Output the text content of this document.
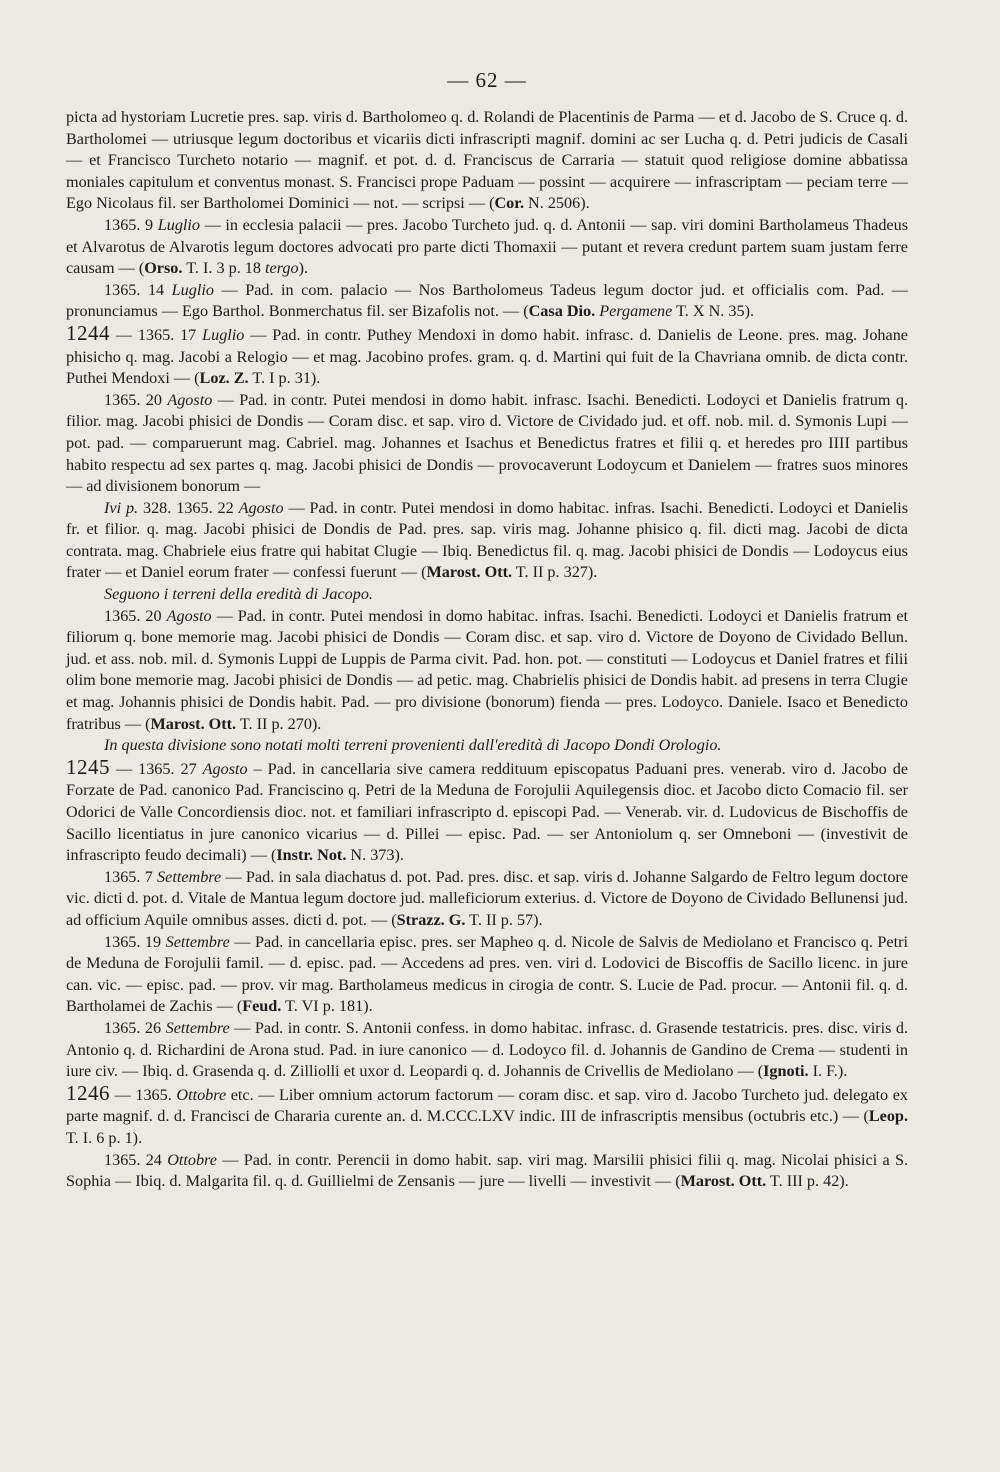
— 62 —

picta ad hystoriam Lucretie pres. sap. viris d. Bartholomeo q. d. Rolandi de Placentinis de Parma — et d. Jacobo de S. Cruce q. d. Bartholomei — utriusque legum doctoribus et vicariis dicti infrascripti magnif. domini ac ser Lucha q. d. Petri judicis de Casali — et Francisco Turcheto notario — magnif. et pot. d. d. Franciscus de Carraria — statuit quod religiose domine abbatissa moniales capitulum et conventus monast. S. Francisci prope Paduam — possint — acquirere — infrascriptam — peciam terre — Ego Nicolaus fil. ser Bartholomei Dominici — not. — scripsi — (Cor. N. 2506).

1365. 9 Luglio — in ecclesia palacii — pres. Jacobo Turcheto jud. q. d. Antonii — sap. viri domini Bartholameus Thadeus et Alvarotus de Alvarotis legum doctores advocati pro parte dicti Thomaxii — putant et revera credunt partem suam justam ferre causam — (Orso. T. I. 3 p. 18 tergo).

1365. 14 Luglio — Pad. in com. palacio — Nos Bartholomeus Tadeus legum doctor jud. et officialis com. Pad. — pronunciamus — Ego Barthol. Bonmerchatus fil. ser Bizafolis not. — (Casa Dio. Pergamene T. X N. 35).

1244 — 1365. 17 Luglio — Pad. in contr. Puthey Mendoxi in domo habit. infrasc. d. Danielis de Leone. pres. mag. Johane phisicho q. mag. Jacobi a Relogio — et mag. Jacobino profes. gram. q. d. Martini qui fuit de la Chavriana omnib. de dicta contr. Puthei Mendoxi — (Loz. Z. T. I p. 31).

1365. 20 Agosto — Pad. in contr. Putei mendosi in domo habit. infrasc. Isachi. Benedicti. Lodoyci et Danielis fratrum q. filior. mag. Jacobi phisici de Dondis — Coram disc. et sap. viro d. Victore de Cividado jud. et off. nob. mil. d. Symonis Lupi — pot. pad. — comparuerunt mag. Cabriel. mag. Johannes et Isachus et Benedictus fratres et filii q. et heredes pro IIII partibus habito respectu ad sex partes q. mag. Jacobi phisici de Dondis — provocaverunt Lodoycum et Danielem — fratres suos minores — ad divisionem bonorum —

Ivi p. 328. 1365. 22 Agosto — Pad. in contr. Putei mendosi in domo habitac. infras. Isachi. Benedicti. Lodoyci et Danielis fr. et filior. q. mag. Jacobi phisici de Dondis de Pad. pres. sap. viris mag. Johanne phisico q. fil. dicti mag. Jacobi de dicta contrata. mag. Chabriele eius fratre qui habitat Clugie — Ibiq. Benedictus fil. q. mag. Jacobi phisici de Dondis — Lodoycus eius frater — et Daniel eorum frater — confessi fuerunt — (Marost. Ott. T. II p. 327).

Seguono i terreni della eredità di Jacopo.

1365. 20 Agosto — Pad. in contr. Putei mendosi in domo habitac. infras. Isachi. Benedicti. Lodoyci et Danielis fratrum et filiorum q. bone memorie mag. Jacobi phisici de Dondis — Coram disc. et sap. viro d. Victore de Doyono de Cividado Bellun. jud. et ass. nob. mil. d. Symonis Luppi de Luppis de Parma civit. Pad. hon. pot. — constituti — Lodoycus et Daniel fratres et filii olim bone memorie mag. Jacobi phisici de Dondis — ad petic. mag. Chabrielis phisici de Dondis habit. ad presens in terra Clugie et mag. Johannis phisici de Dondis habit. Pad. — pro divisione (bonorum) fienda — pres. Lodoyco. Daniele. Isaco et Benedicto fratribus — (Marost. Ott. T. II p. 270).

In questa divisione sono notati molti terreni provenienti dall'eredità di Jacopo Dondi Orologio.

1245 — 1365. 27 Agosto – Pad. in cancellaria sive camera reddituum episcopatus Paduani pres. venerab. viro d. Jacobo de Forzate de Pad. canonico Pad. Franciscino q. Petri de la Meduna de Forojulii Aquilegensis dioc. et Jacobo dicto Comacio fil. ser Odorici de Valle Concordiensis dioc. not. et familiari infrascripto d. episcopi Pad. — Venerab. vir. d. Ludovicus de Bischoffis de Sacillo licentiatus in jure canonico vicarius — d. Pillei — episc. Pad. — ser Antoniolum q. ser Omneboni — (investivit de infrascripto feudo decimali) — (Instr. Not. N. 373).

1365. 7 Settembre — Pad. in sala diachatus d. pot. Pad. pres. disc. et sap. viris d. Johanne Salgardo de Feltro legum doctore vic. dicti d. pot. d. Vitale de Mantua legum doctore jud. malleficiorum exterius. d. Victore de Doyono de Cividado Bellunensi jud. ad officium Aquile omnibus asses. dicti d. pot. — (Strazz. G. T. II p. 57).

1365. 19 Settembre — Pad. in cancellaria episc. pres. ser Mapheo q. d. Nicole de Salvis de Mediolano et Francisco q. Petri de Meduna de Forojulii famil. — d. episc. pad. — Accedens ad pres. ven. viri d. Lodovici de Biscoffis de Sacillo licenc. in jure can. vic. — episc. pad. — prov. vir mag. Bartholameus medicus in cirogia de contr. S. Lucie de Pad. procur. — Antonii fil. q. d. Bartholamei de Zachis — (Feud. T. VI p. 181).

1365. 26 Settembre — Pad. in contr. S. Antonii confess. in domo habitac. infrasc. d. Grasende testatricis. pres. disc. viris d. Antonio q. d. Richardini de Arona stud. Pad. in iure canonico — d. Lodoyco fil. d. Johannis de Gandino de Crema — studenti in iure civ. — Ibiq. d. Grasenda q. d. Zilliolli et uxor d. Leopardi q. d. Johannis de Crivellis de Mediolano — (Ignoti. I. F.).

1246 — 1365. Ottobre etc. — Liber omnium actorum factorum — coram disc. et sap. viro d. Jacobo Turcheto jud. delegato ex parte magnif. d. d. Francisci de Chararia curente an. d. M.CCC.LXV indic. III de infrascriptis mensibus (octubris etc.) — (Leop. T. I. 6 p. 1).

1365. 24 Ottobre — Pad. in contr. Perencii in domo habit. sap. viri mag. Marsilii phisici filii q. mag. Nicolai phisici a S. Sophia — Ibiq. d. Malgarita fil. q. d. Guillielmi de Zensanis — jure — livelli — investivit — (Marost. Ott. T. III p. 42).
